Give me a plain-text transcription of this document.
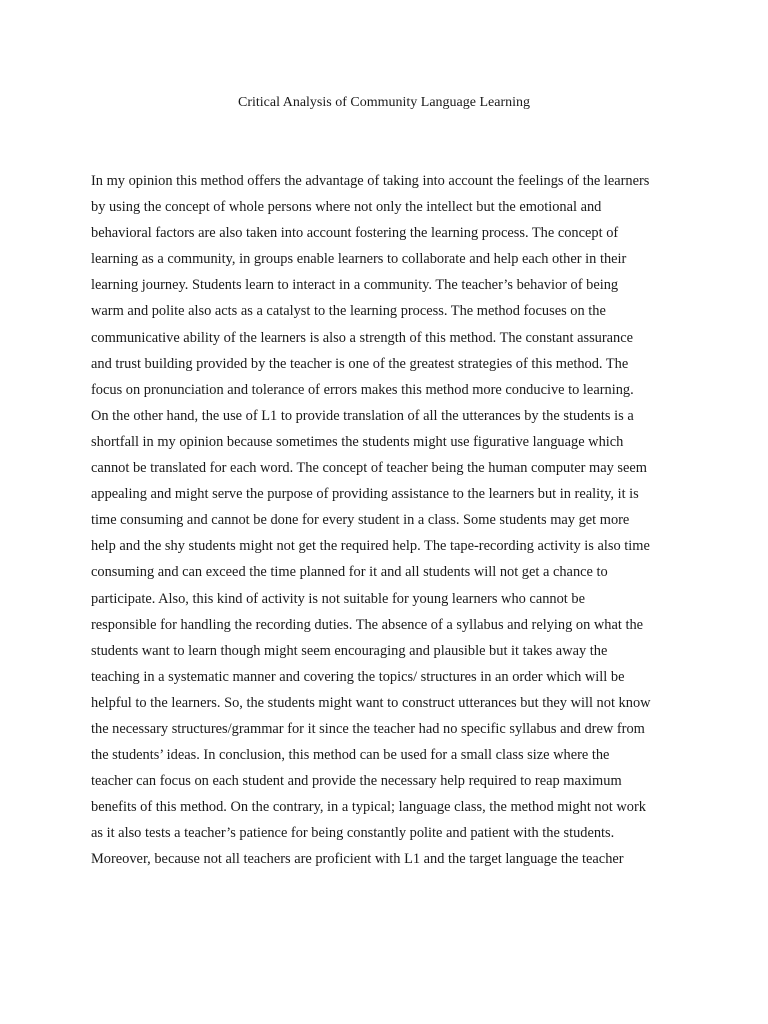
Critical Analysis of Community Language Learning
In my opinion this method offers the advantage of taking into account the feelings of the learners
by using the concept of whole persons where not only the intellect but the emotional and
behavioral factors are also taken into account fostering the learning process. The concept of
learning as a community, in groups enable learners to collaborate and help each other in their
learning journey. Students learn to interact in a community. The teacher’s behavior of being
warm and polite also acts as a catalyst to the learning process. The method focuses on the
communicative ability of the learners is also a strength of this method. The constant assurance
and trust building provided by the teacher is one of the greatest strategies of this method. The
focus on pronunciation and tolerance of errors makes this method more conducive to learning.
On the other hand, the use of L1 to provide translation of all the utterances by the students is a
shortfall in my opinion because sometimes the students might use figurative language which
cannot be translated for each word. The concept of teacher being the human computer may seem
appealing and might serve the purpose of providing assistance to the learners but in reality, it is
time consuming and cannot be done for every student in a class. Some students may get more
help and the shy students might not get the required help. The tape-recording activity is also time
consuming and can exceed the time planned for it and all students will not get a chance to
participate. Also, this kind of activity is not suitable for young learners who cannot be
responsible for handling the recording duties. The absence of a syllabus and relying on what the
students want to learn though might seem encouraging and plausible but it takes away the
teaching in a systematic manner and covering the topics/ structures in an order which will be
helpful to the learners. So, the students might want to construct utterances but they will not know
the necessary structures/grammar for it since the teacher had no specific syllabus and drew from
the students’ ideas. In conclusion, this method can be used for a small class size where the
teacher can focus on each student and provide the necessary help required to reap maximum
benefits of this method. On the contrary, in a typical; language class, the method might not work
as it also tests a teacher’s patience for being constantly polite and patient with the students.
Moreover, because not all teachers are proficient with L1 and the target language the teacher
